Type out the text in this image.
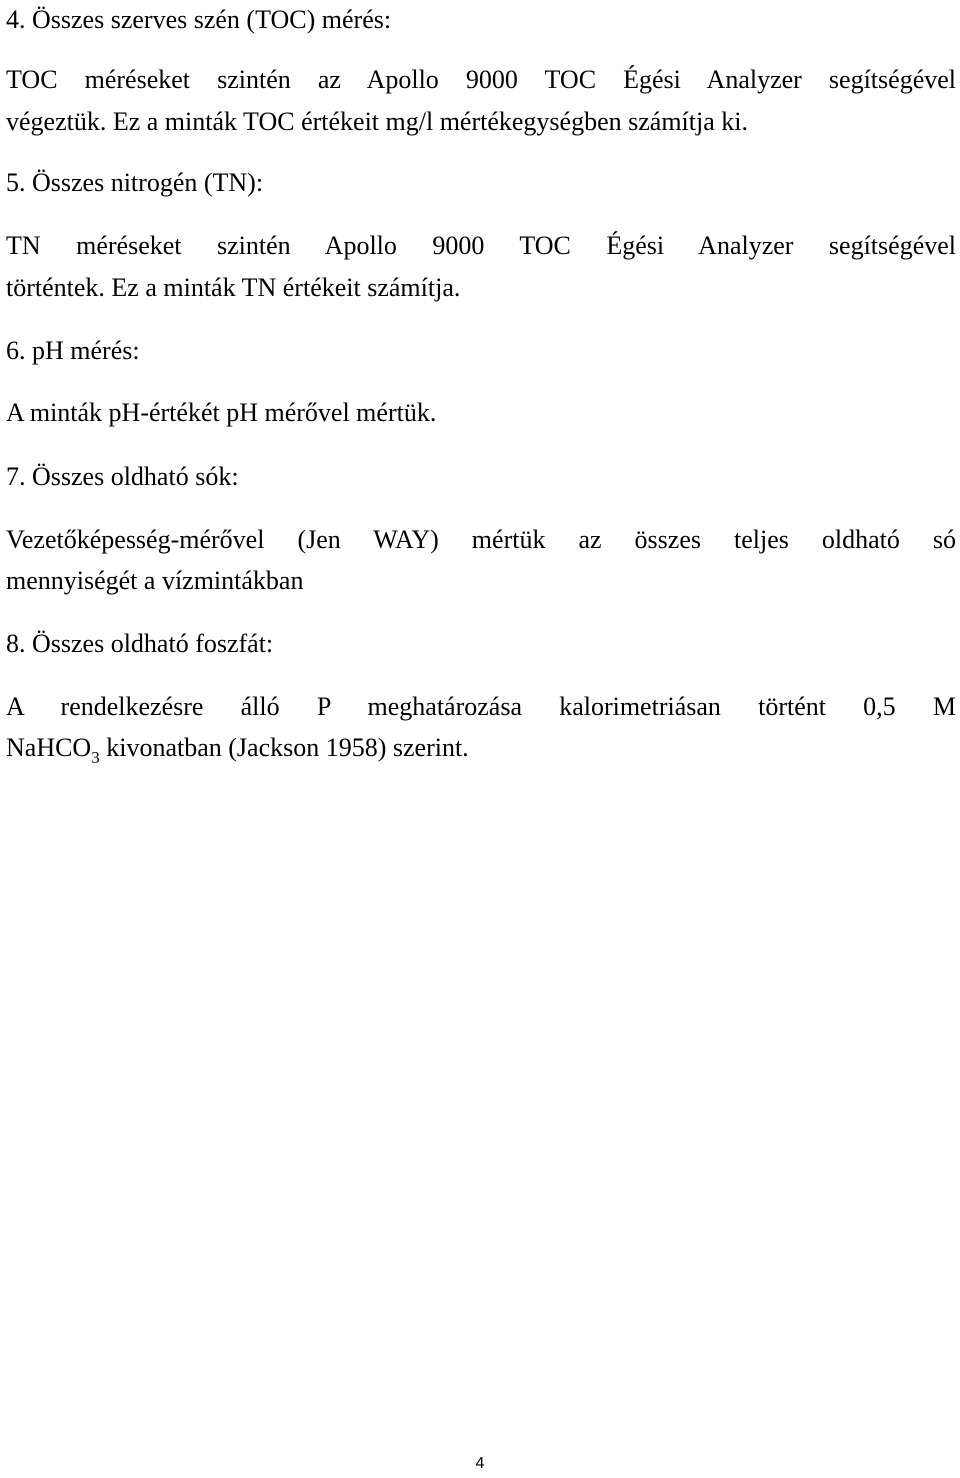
4. Összes szerves szén (TOC) mérés:
TOC méréseket szintén az Apollo 9000 TOC Égési Analyzer segítségével
végeztük. Ez a minták TOC értékeit mg/l mértékegységben számítja ki.
5. Összes nitrogén (TN):
TN méréseket szintén Apollo 9000 TOC Égési Analyzer segítségével
történtek. Ez a minták TN értékeit számítja.
6. pH mérés:
A minták pH-értékét pH mérővel mértük.
7. Összes oldható sók:
Vezetőképesség-mérővel (Jen WAY) mértük az összes teljes oldható só
mennyiségét a vízmintákban
8. Összes oldható foszfát:
A rendelkezésre álló P meghatározása kalorimetriásan történt 0,5 M
NaHCO$_3$ kivonatban (Jackson 1958) szerint.
4
